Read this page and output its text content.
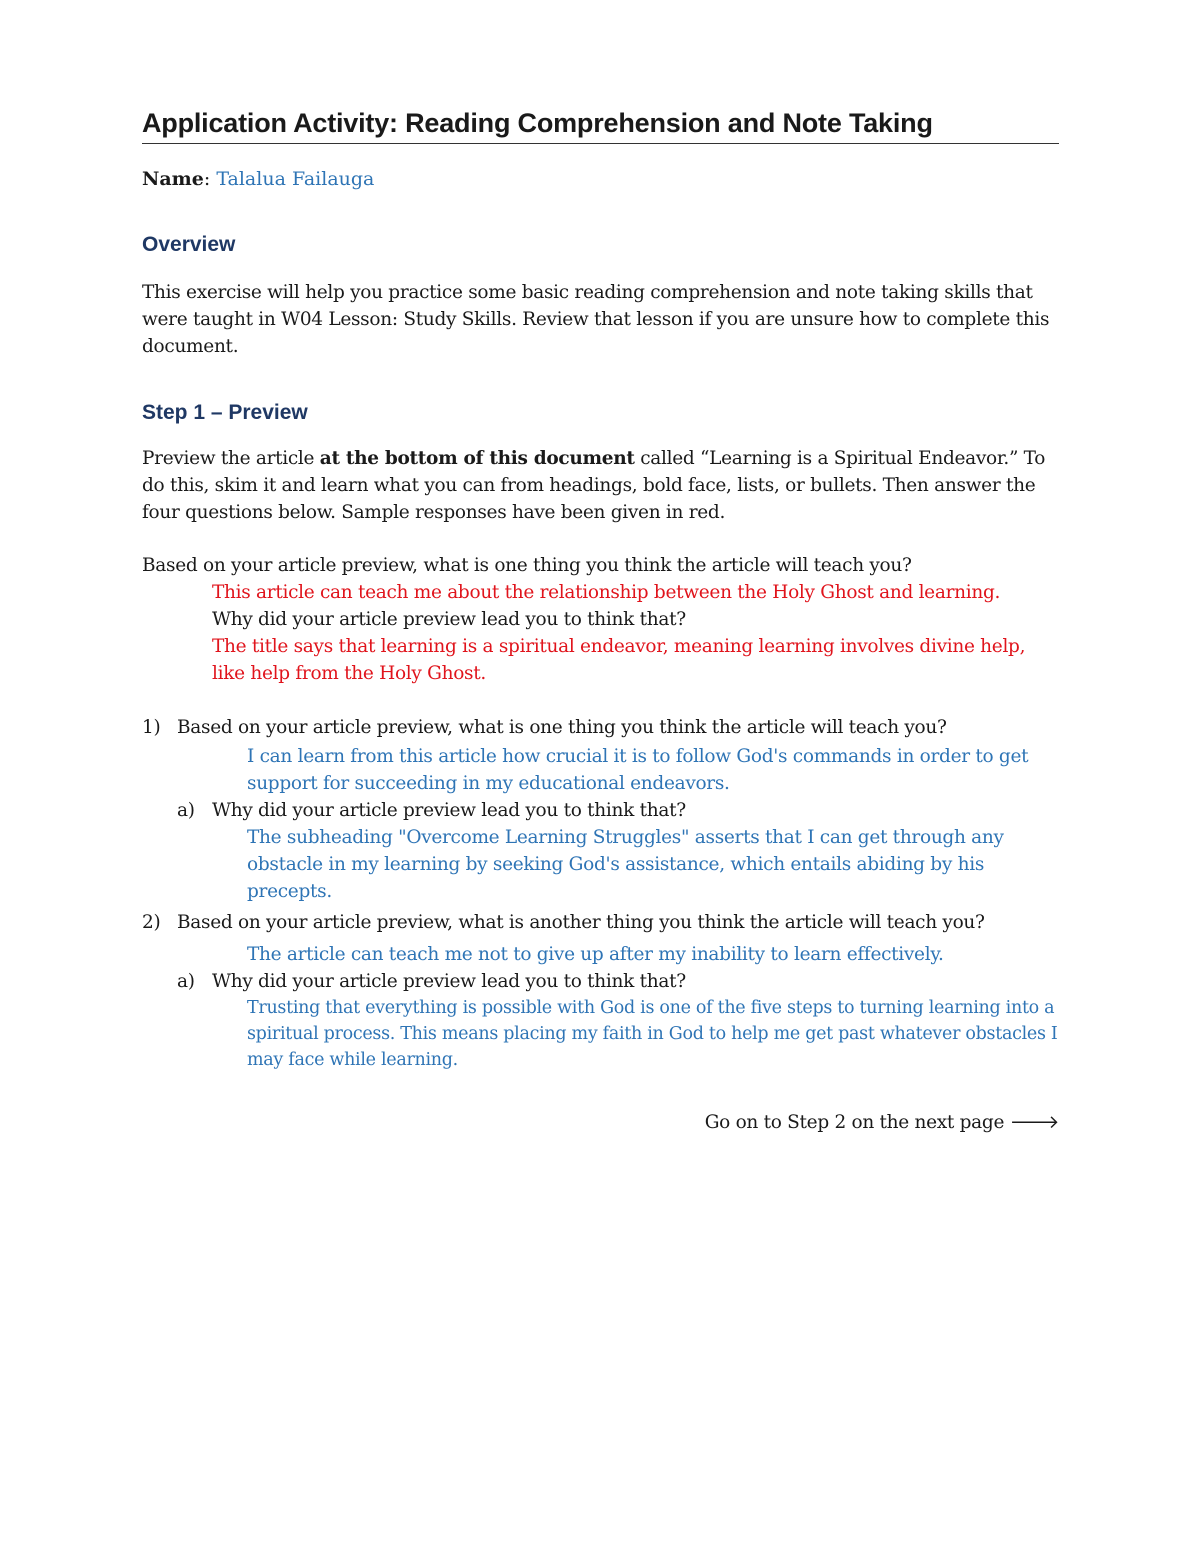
Application Activity: Reading Comprehension and Note Taking
Name: Talalua Failauga
Overview

This exercise will help you practice some basic reading comprehension and note taking skills that were taught in W04 Lesson: Study Skills. Review that lesson if you are unsure how to complete this document.

Step 1 – Preview

Preview the article at the bottom of this document called “Learning is a Spiritual Endeavor.” To do this, skim it and learn what you can from headings, bold face, lists, or bullets. Then answer the four questions below. Sample responses have been given in red.

Based on your article preview, what is one thing you think the article will teach you?

This article can teach me about the relationship between the Holy Ghost and learning.

Why did your article preview lead you to think that?

The title says that learning is a spiritual endeavor, meaning learning involves divine help, like help from the Holy Ghost.

1) Based on your article preview, what is one thing you think the article will teach you?
I can learn from this article how crucial it is to follow God's commands in order to get support for succeeding in my educational endeavors.
a) Why did your article preview lead you to think that?
The subheading "Overcome Learning Struggles" asserts that I can get through any obstacle in my learning by seeking God's assistance, which entails abiding by his precepts.
2) Based on your article preview, what is another thing you think the article will teach you?
The article can teach me not to give up after my inability to learn effectively.
a) Why did your article preview lead you to think that?
Trusting that everything is possible with God is one of the five steps to turning learning into a spiritual process. This means placing my faith in God to help me get past whatever obstacles I may face while learning.
Go on to Step 2 on the next page 🡒
